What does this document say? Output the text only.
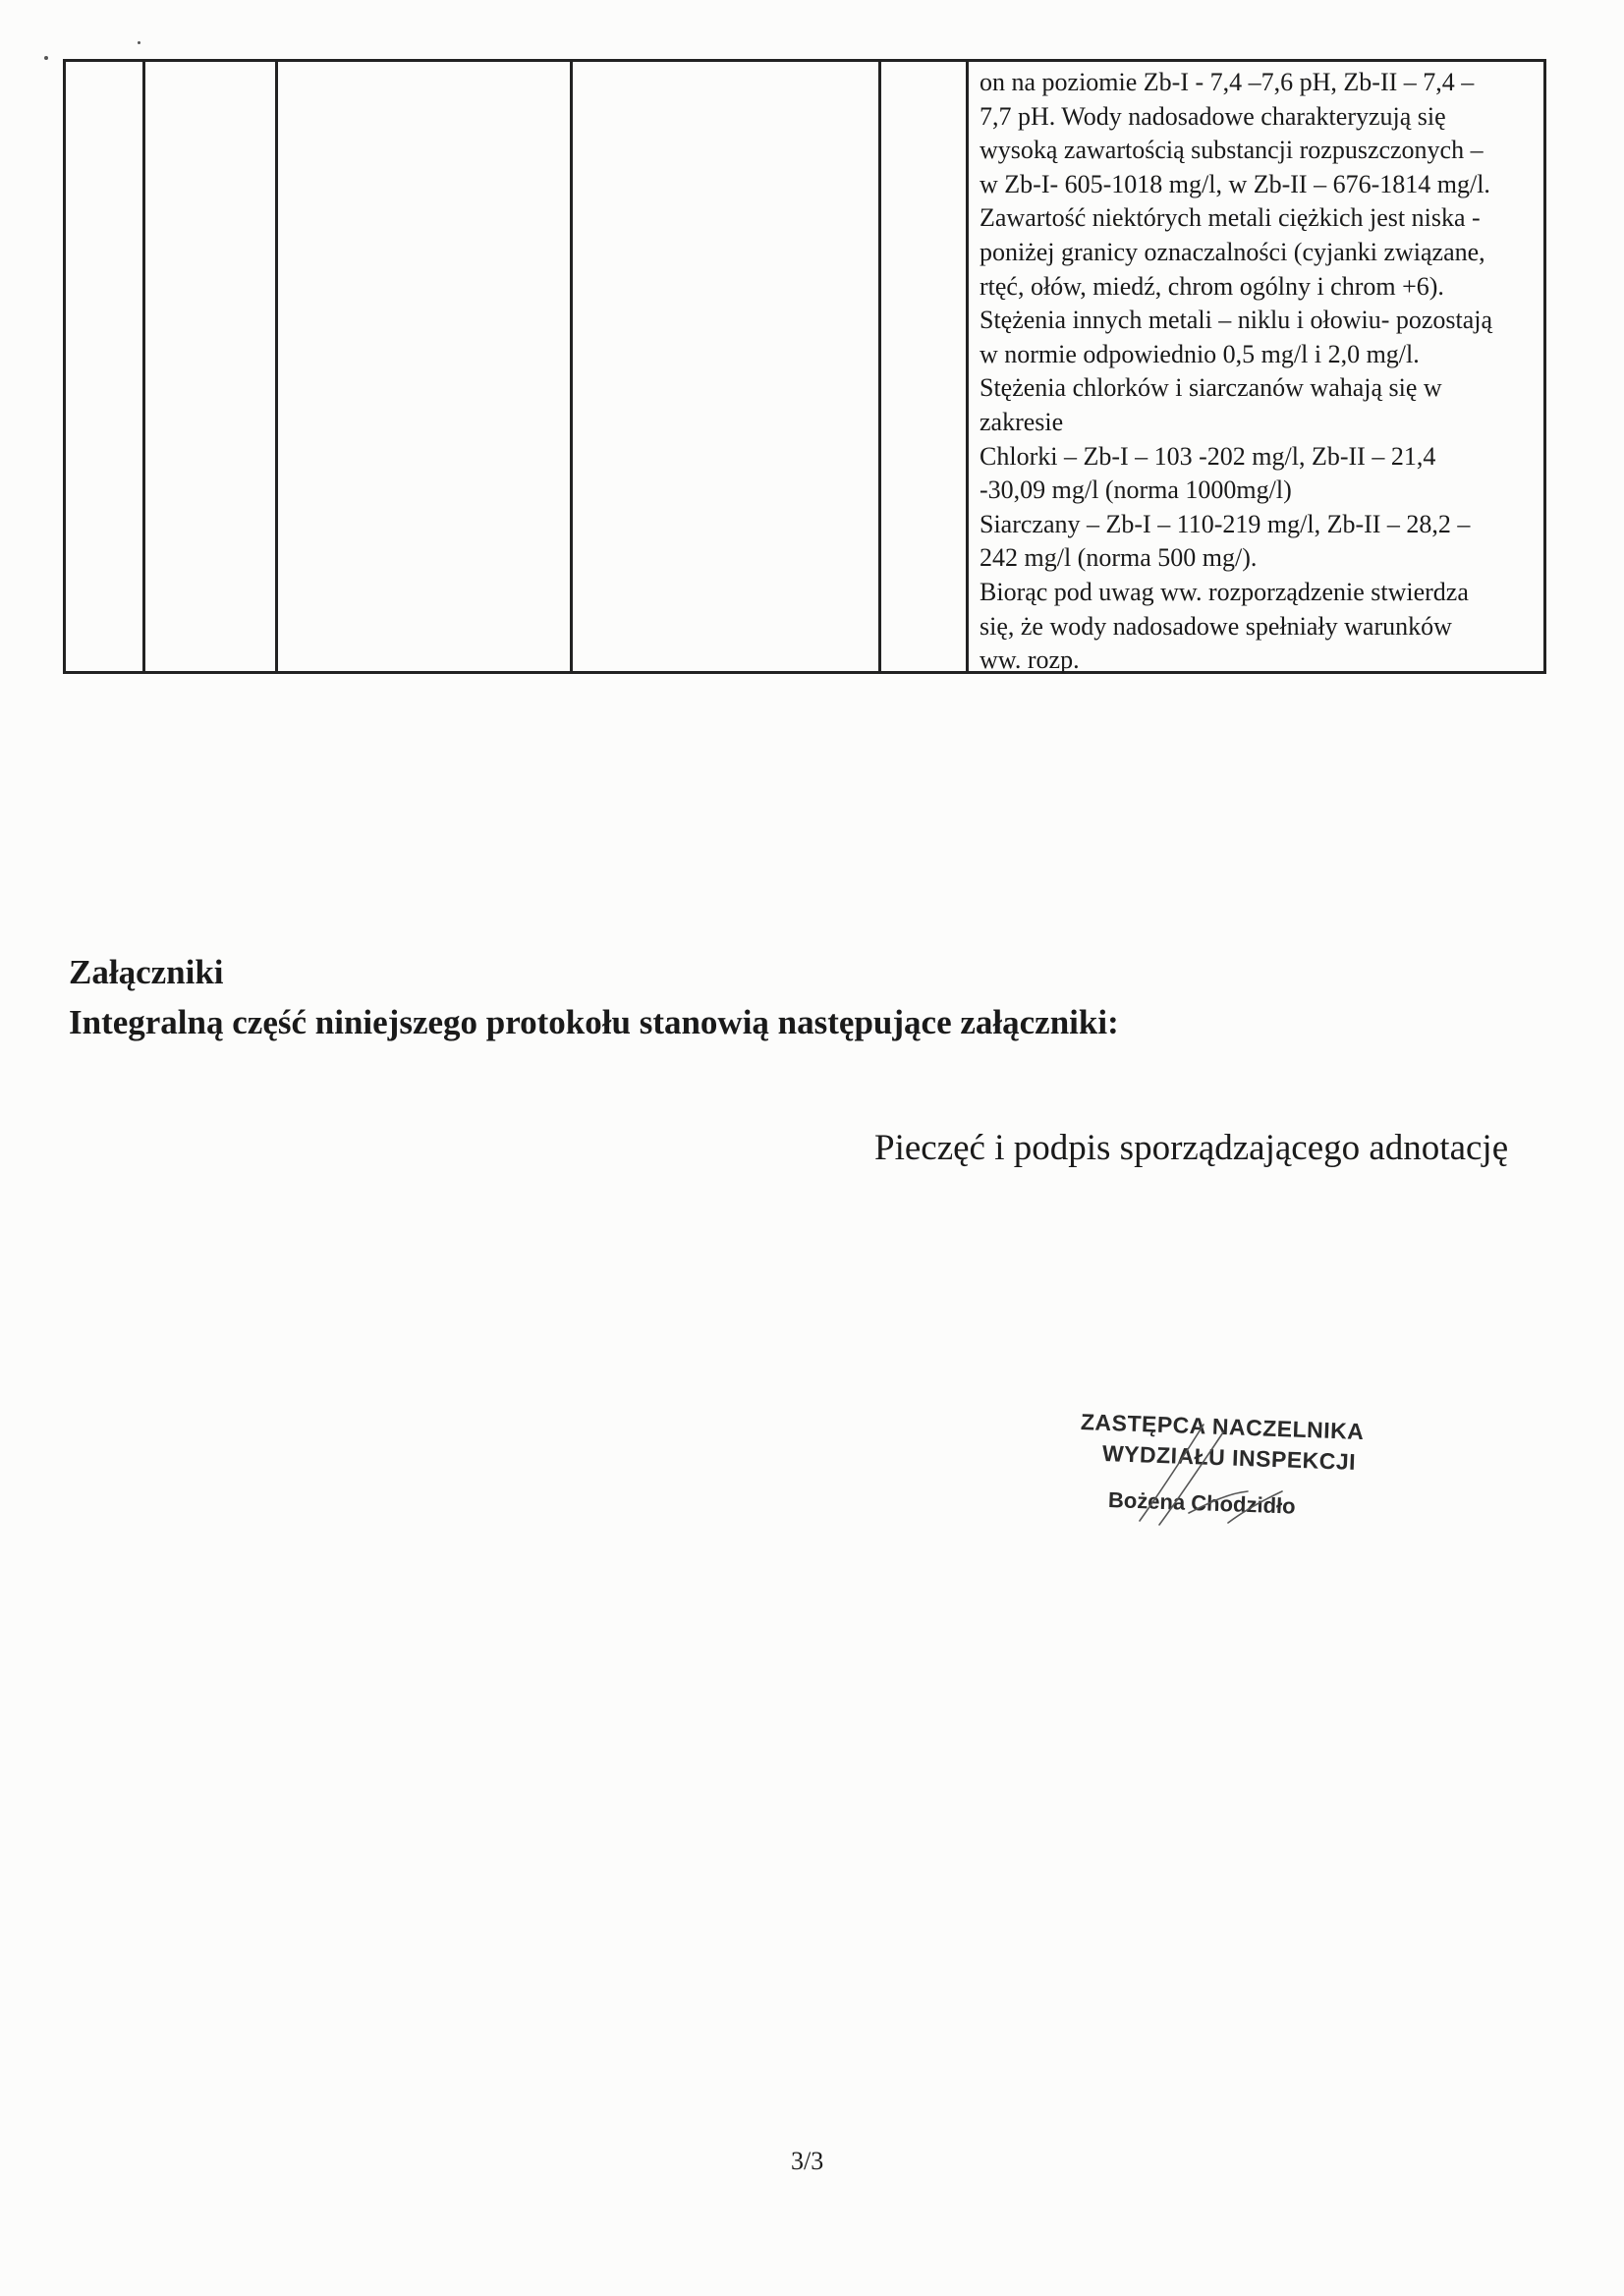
on na poziomie Zb-I - 7,4 –7,6 pH, Zb-II – 7,4 –
7,7 pH. Wody nadosadowe charakteryzują się
wysoką zawartością substancji rozpuszczonych –
w Zb-I- 605-1018 mg/l, w Zb-II – 676-1814 mg/l.
Zawartość niektórych metali ciężkich jest niska -
poniżej granicy oznaczalności (cyjanki związane,
rtęć, ołów, miedź, chrom ogólny i chrom +6).
Stężenia innych metali – niklu i ołowiu- pozostają
w normie odpowiednio 0,5 mg/l i 2,0 mg/l.
Stężenia chlorków i siarczanów wahają się w
zakresie
Chlorki – Zb-I – 103 -202 mg/l, Zb-II – 21,4
-30,09 mg/l (norma 1000mg/l)
Siarczany – Zb-I – 110-219 mg/l, Zb-II – 28,2 –
242 mg/l (norma 500 mg/).
Biorąc pod uwag ww. rozporządzenie stwierdza
się, że wody nadosadowe spełniały warunków
ww. rozp.
Załączniki
Integralną część niniejszego protokołu stanowią następujące załączniki:
Pieczęć i podpis sporządzającego adnotację
ZASTĘPCA NACZELNIKA
WYDZIAŁU INSPEKCJI
Bożena Chodzidło
3/3
